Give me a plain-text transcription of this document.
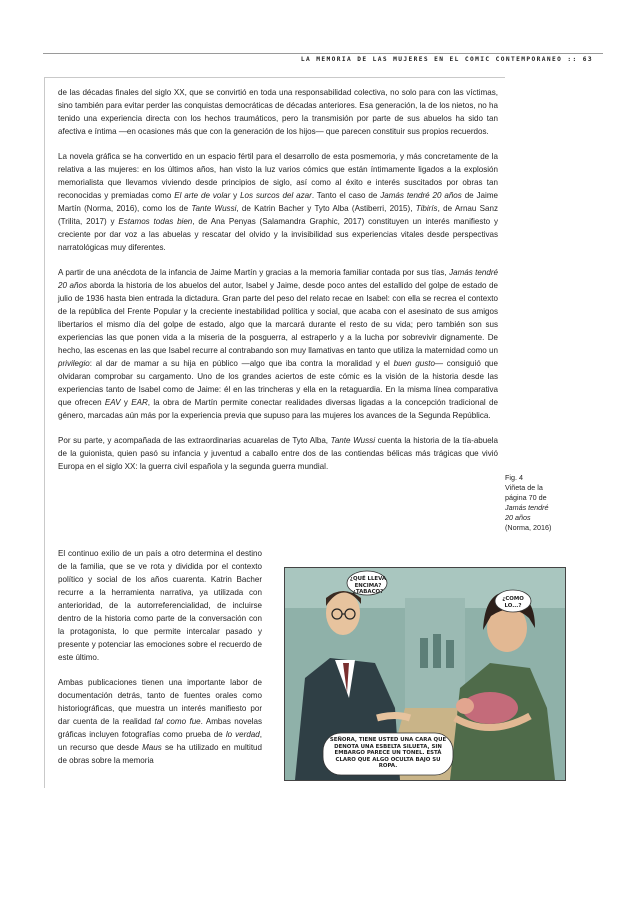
LA MEMORIA DE LAS MUJERES EN EL CÓMIC CONTEMPORÁNEO :: 63

de las décadas finales del siglo XX, que se convirtió en toda una responsabilidad colectiva, no solo para con las víctimas, sino también para evitar perder las conquistas democráticas de décadas anteriores. Esa generación, la de los nietos, no ha tenido una experiencia directa con los hechos traumáticos, pero la transmisión por parte de sus abuelos ha sido tan afectiva e íntima —en ocasiones más que con la generación de los hijos— que parecen constituir sus propios recuerdos.

La novela gráfica se ha convertido en un espacio fértil para el desarrollo de esta posmemoria, y más concretamente de la relativa a las mujeres: en los últimos años, han visto la luz varios cómics que están íntimamente ligados a la explosión memorialista que llevamos viviendo desde principios de siglo, así como al éxito e interés suscitados por obras tan reconocidas y premiadas como El arte de volar y Los surcos del azar. Tanto el caso de Jamás tendré 20 años de Jaime Martín (Norma, 2016), como los de Tante Wussi, de Katrin Bacher y Tyto Alba (Astiberri, 2015), Tibirís, de Arnau Sanz (Trilita, 2017) y Estamos todas bien, de Ana Penyas (Salamandra Graphic, 2017) constituyen un interés manifiesto y creciente por dar voz a las abuelas y rescatar del olvido y la invisibilidad sus experiencias vitales desde perspectivas narratológicas muy diferentes.

A partir de una anécdota de la infancia de Jaime Martín y gracias a la memoria familiar contada por sus tías, Jamás tendré 20 años aborda la historia de los abuelos del autor, Isabel y Jaime, desde poco antes del estallido del golpe de estado de julio de 1936 hasta bien entrada la dictadura. Gran parte del peso del relato recae en Isabel: con ella se recrea el contexto de la república del Frente Popular y la creciente inestabilidad política y social, que acaba con el asesinato de sus amigos libertarios el mismo día del golpe de estado, algo que la marcará durante el resto de su vida; pero también son sus experiencias las que ponen vida a la miseria de la posguerra, al estraperlo y a la lucha por sobrevivir dignamente. De hecho, las escenas en las que Isabel recurre al contrabando son muy llamativas en tanto que utiliza la maternidad como un privilegio: al dar de mamar a su hija en público —algo que iba contra la moralidad y el buen gusto— consiguió que olvidaran comprobar su cargamento. Uno de los grandes aciertos de este cómic es la visión de la historia desde las experiencias tanto de Isabel como de Jaime: él en las trincheras y ella en la retaguardia. En la misma línea comparativa que ofrecen EAV y EAR, la obra de Martín permite conectar realidades diversas ligadas a la concepción tradicional de género, marcadas aún más por la experiencia previa que supuso para las mujeres los avances de la Segunda República.

Por su parte, y acompañada de las extraordinarias acuarelas de Tyto Alba, Tante Wussi cuenta la historia de la tía-abuela de la guionista, quien pasó su infancia y juventud a caballo entre dos de las contiendas bélicas más trágicas que vivió Europa en el siglo XX: la guerra civil española y la segunda guerra mundial.

El continuo exilio de un país a otro determina el destino de la familia, que se ve rota y dividida por el contexto político y social de los años cuarenta. Katrin Bacher recurre a la herramienta narrativa, ya utilizada con anterioridad, de la autorreferencialidad, de incluirse dentro de la historia como parte de la conversación con la protagonista, lo que permite intercalar pasado y presente y potenciar las emociones sobre el recuerdo de este último.

Ambas publicaciones tienen una importante labor de documentación detrás, tanto de fuentes orales como historiográficas, que muestra un interés manifiesto por dar cuenta de la realidad tal como fue. Ambas novelas gráficas incluyen fotografías como prueba de lo verdad, un recurso que desde Maus se ha utilizado en multitud de obras sobre la memoria

Fig. 4
Viñeta de la
página 70 de
Jamás tendré
20 años
(Norma, 2016)
¿QUÉ LLEVA ENCIMA? ¿TABACO?
¿COMO LO...?
SEÑORA, TIENE USTED UNA CARA QUE DENOTA UNA ESBELTA SILUETA, SIN EMBARGO PARECE UN TONEL. ESTÁ CLARO QUE ALGO OCULTA BAJO SU ROPA.
